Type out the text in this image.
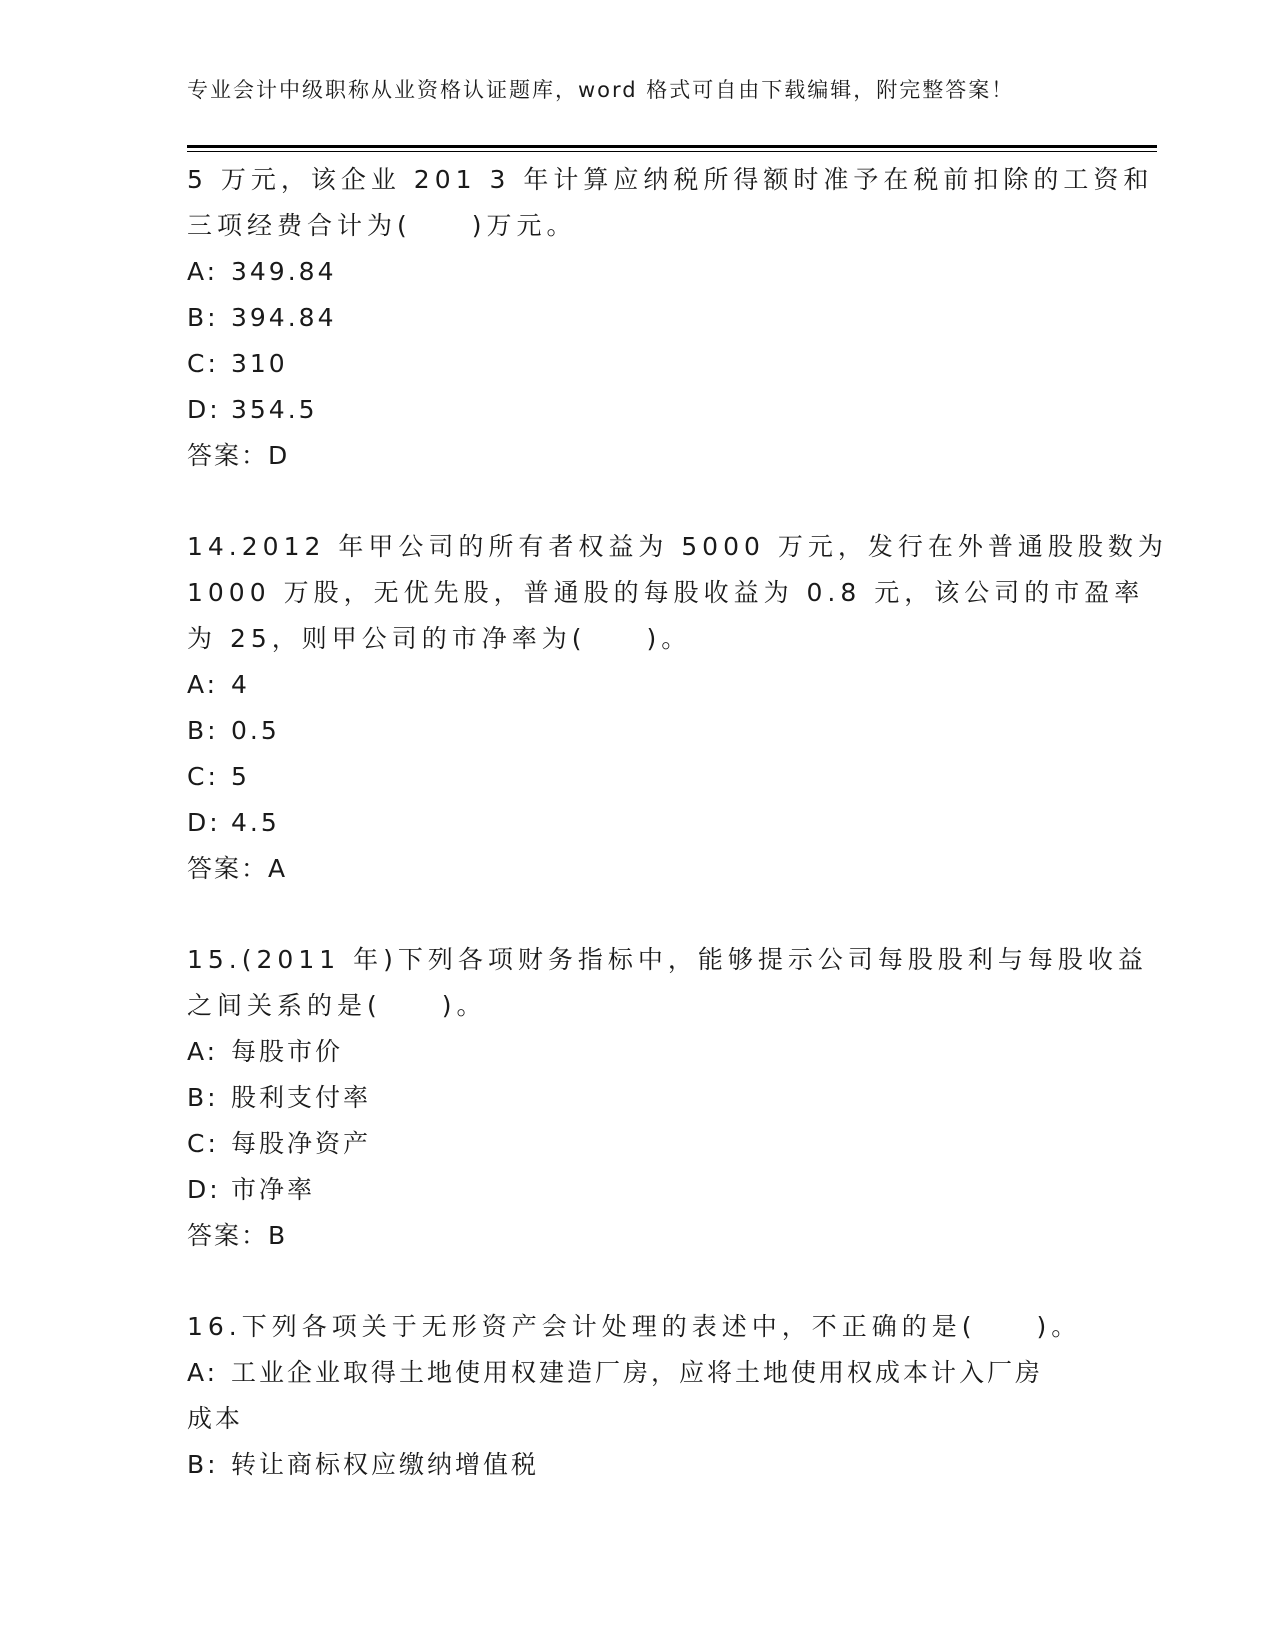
专业会计中级职称从业资格认证题库，word 格式可自由下载编辑，附完整答案！
5 万元，该企业 201 3 年计算应纳税所得额时准予在税前扣除的工资和
三项经费合计为(　　)万元。
A: 349.84
B: 394.84
C: 310
D: 354.5
答案：D
14.2012 年甲公司的所有者权益为 5000 万元，发行在外普通股股数为
1000 万股，无优先股，普通股的每股收益为 0.8 元，该公司的市盈率
为 25，则甲公司的市净率为(　　)。
A: 4
B: 0.5
C: 5
D: 4.5
答案：A
15.(2011 年)下列各项财务指标中，能够提示公司每股股利与每股收益
之间关系的是(　　)。
A: 每股市价
B: 股利支付率
C: 每股净资产
D: 市净率
答案：B
16.下列各项关于无形资产会计处理的表述中，不正确的是(　　)。
A: 工业企业取得土地使用权建造厂房，应将土地使用权成本计入厂房
成本
B: 转让商标权应缴纳增值税
